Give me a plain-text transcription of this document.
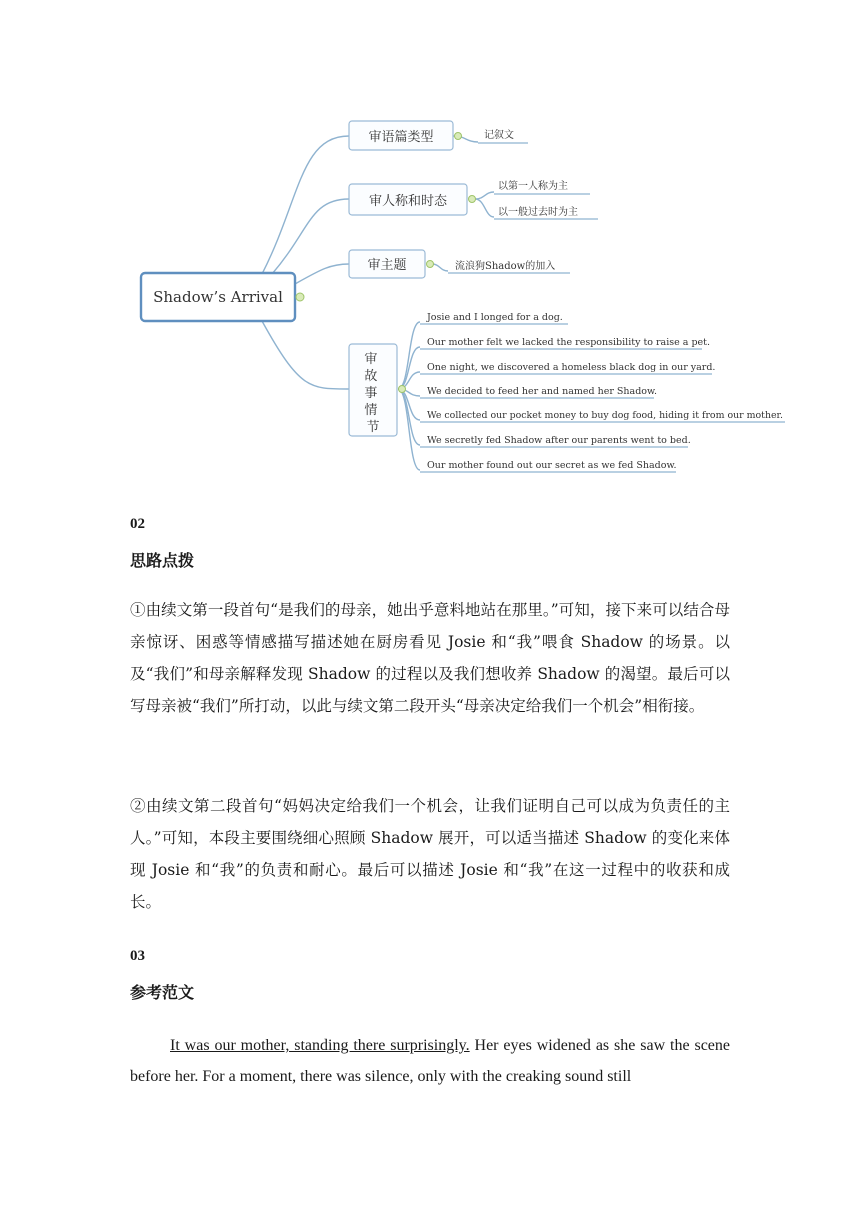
Shadow’s Arrival
审语篇类型
审人称和时态
审主题
审 故 事 情 节
记叙文
以第一人称为主
以一般过去时为主
流浪狗Shadow的加入
Josie and I longed for a dog.
Our mother felt we lacked the responsibility to raise a pet.
One night, we discovered a homeless black dog in our yard.
We decided to feed her and named her Shadow.
We collected our pocket money to buy dog food, hiding it from our mother.
We secretly fed Shadow after our parents went to bed.
Our mother found out our secret as we fed Shadow.
02
思路点拨

①由续文第一段首句“是我们的母亲，她出乎意料地站在那里。”可知，接下来可以结合母亲惊讶、困惑等情感描写描述她在厨房看见 Josie 和“我”喂食 Shadow 的场景。以及“我们”和母亲解释发现 Shadow 的过程以及我们想收养 Shadow 的渴望。最后可以写母亲被“我们”所打动，以此与续文第二段开头“母亲决定给我们一个机会”相衔接。

②由续文第二段首句“妈妈决定给我们一个机会，让我们证明自己可以成为负责任的主人。”可知，本段主要围绕细心照顾 Shadow 展开，可以适当描述 Shadow 的变化来体现 Josie 和“我”的负责和耐心。最后可以描述 Josie 和“我”在这一过程中的收获和成长。

03
参考范文

It was our mother, standing there surprisingly. Her eyes widened as she saw the scene before her. For a moment, there was silence, only with the creaking sound still
